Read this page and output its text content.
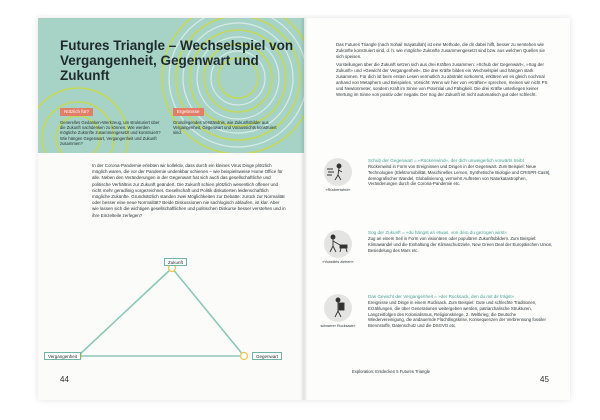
Futures Triangle – Wechselspiel von Vergangenheit, Gegenwart und Zukunft
Nützlich für?
Generelles Gedanken-Werkzeug, um strukturiert über die Zukunft nachdenken zu können. Wie werden mögliche Zukünfte zusammengesetzt und konstruiert? Wie hängen Gegenwart, Vergangenheit und Zukunft zusammen?
Ergebnisse
Grundlegendes Verständnis, wie Zukunftsbilder aus Vergangenheit, Gegenwart und Voraussichts konstruiert sind.
In der Corona-Pandemie erlebten wir kollektiv, dass durch ein kleines Virus Dinge plötzlich möglich waren, die vor der Pandemie undenkbar schienen – wie beispielsweise Home Office für alle. Neben den Veränderungen in der Gegenwart hat sich auch das gesellschaftliche und politische Verhältnis zur Zukunft geändert. Die Zukunft schien plötzlich wesentlich offener und nicht mehr geradlinig vorgezeichnet. Gesellschaft und Politik diskutierten leidenschaftlich mögliche Zukünfte. Grundsätzlich standen zwei Möglichkeiten zur Debatte: zurück zur Normalität oder besser eine neue Normalität? Beide Diskussionen nie sachlogisch ablaufen, ist klar. Aber wie lassen sich die wichtigen gesellschaftlichen und politischen Diskurse besser verstehen und in ihre Einzelteile zerlegen?
Zukunft
Vergangenheit	Gegenwart
44

Das Futures Triangle (nach Sohail Inayatullah) ist eine Methode, die dir dabei hilft, besser zu verstehen wie Zukünfte konstruiert sind, d. h. wie mögliche Zukünfte zusammengesetzt sind bzw. aus welchen Quellen sie sich speisen.

Vorstellungen über die Zukunft setzen sich aus drei Kräften zusammen: »Schub der Gegenwart«, »Sog der Zukunft« und »Gewicht der Vergangenheit«. Die drei Kräfte bilden ein Wechselspiel und hängen stark zusammen. Für dich ist beim ersten Lesen vermutlich zu abstrakt vorkommt, erklären wir es gleich nochmal anhand von Metaphern und Beispielen. Vorsicht: Wenn wir hier von »Kräften« sprechen, meinen wir nicht PS und Newtonmeter, sondern Kraft im Sinne von Potential und Fähigkeit. Die drei Kräfte unterliegen keiner Wertung im Sinne von positiv oder negativ. Der Sog der Zukunft ist nicht automatisch gut oder schlecht.

»Rückenwind«
Schub der Gegenwart = »Rückenwind«, der dich unweigerlich vorwärts treibt
Rückenwind in Form von Ereignissen und Dingen in der Gegenwart. Zum Beispiel: Neue Technologien (Elektromobilität, Maschinelles Lernen, Synthetische Biologie und CRISPR-Cas9), demografischer Wandel, Globalisierung, vermehrt Auftreten von Naturkatastrophen, Veränderungen durch die Corona-Pandemie etc.
»Vorwärts ziehen«
Sog der Zukunft = »du hängst an etwas, von dem du gezogen wirst«
Zug an einem Seil in Form von visionären oder populären Zukunftsbildern. Zum Beispiel: Klimawandel und die Einhaltung der Klimaschutzziele, New Green Deal der Europäischen Union, Besiedelung des Mars etc.
schwerer Rucksack«
Das Gewicht der Vergangenheit = »der Rucksack, den du mit dir trägst«
Ereignisse und Dinge in einem Rucksack. Zum Beispiel: Gute und schlechte Traditionen, Erzählungen, die über Generationen weitergeben werden, patriarchalische Strukturen, Langzeitfolgen des Kolonialismus, Religionskriege, 2. Weltkrieg, die Deutsche Wiedervereinigung, die andauernde Flüchtlingskrise, Konsequenzen der Verbrennung fossiler Brennstoffe, Datenschutz und die DSGVO etc.
Exploration: Entdecken 5 Futures Triangle
45
